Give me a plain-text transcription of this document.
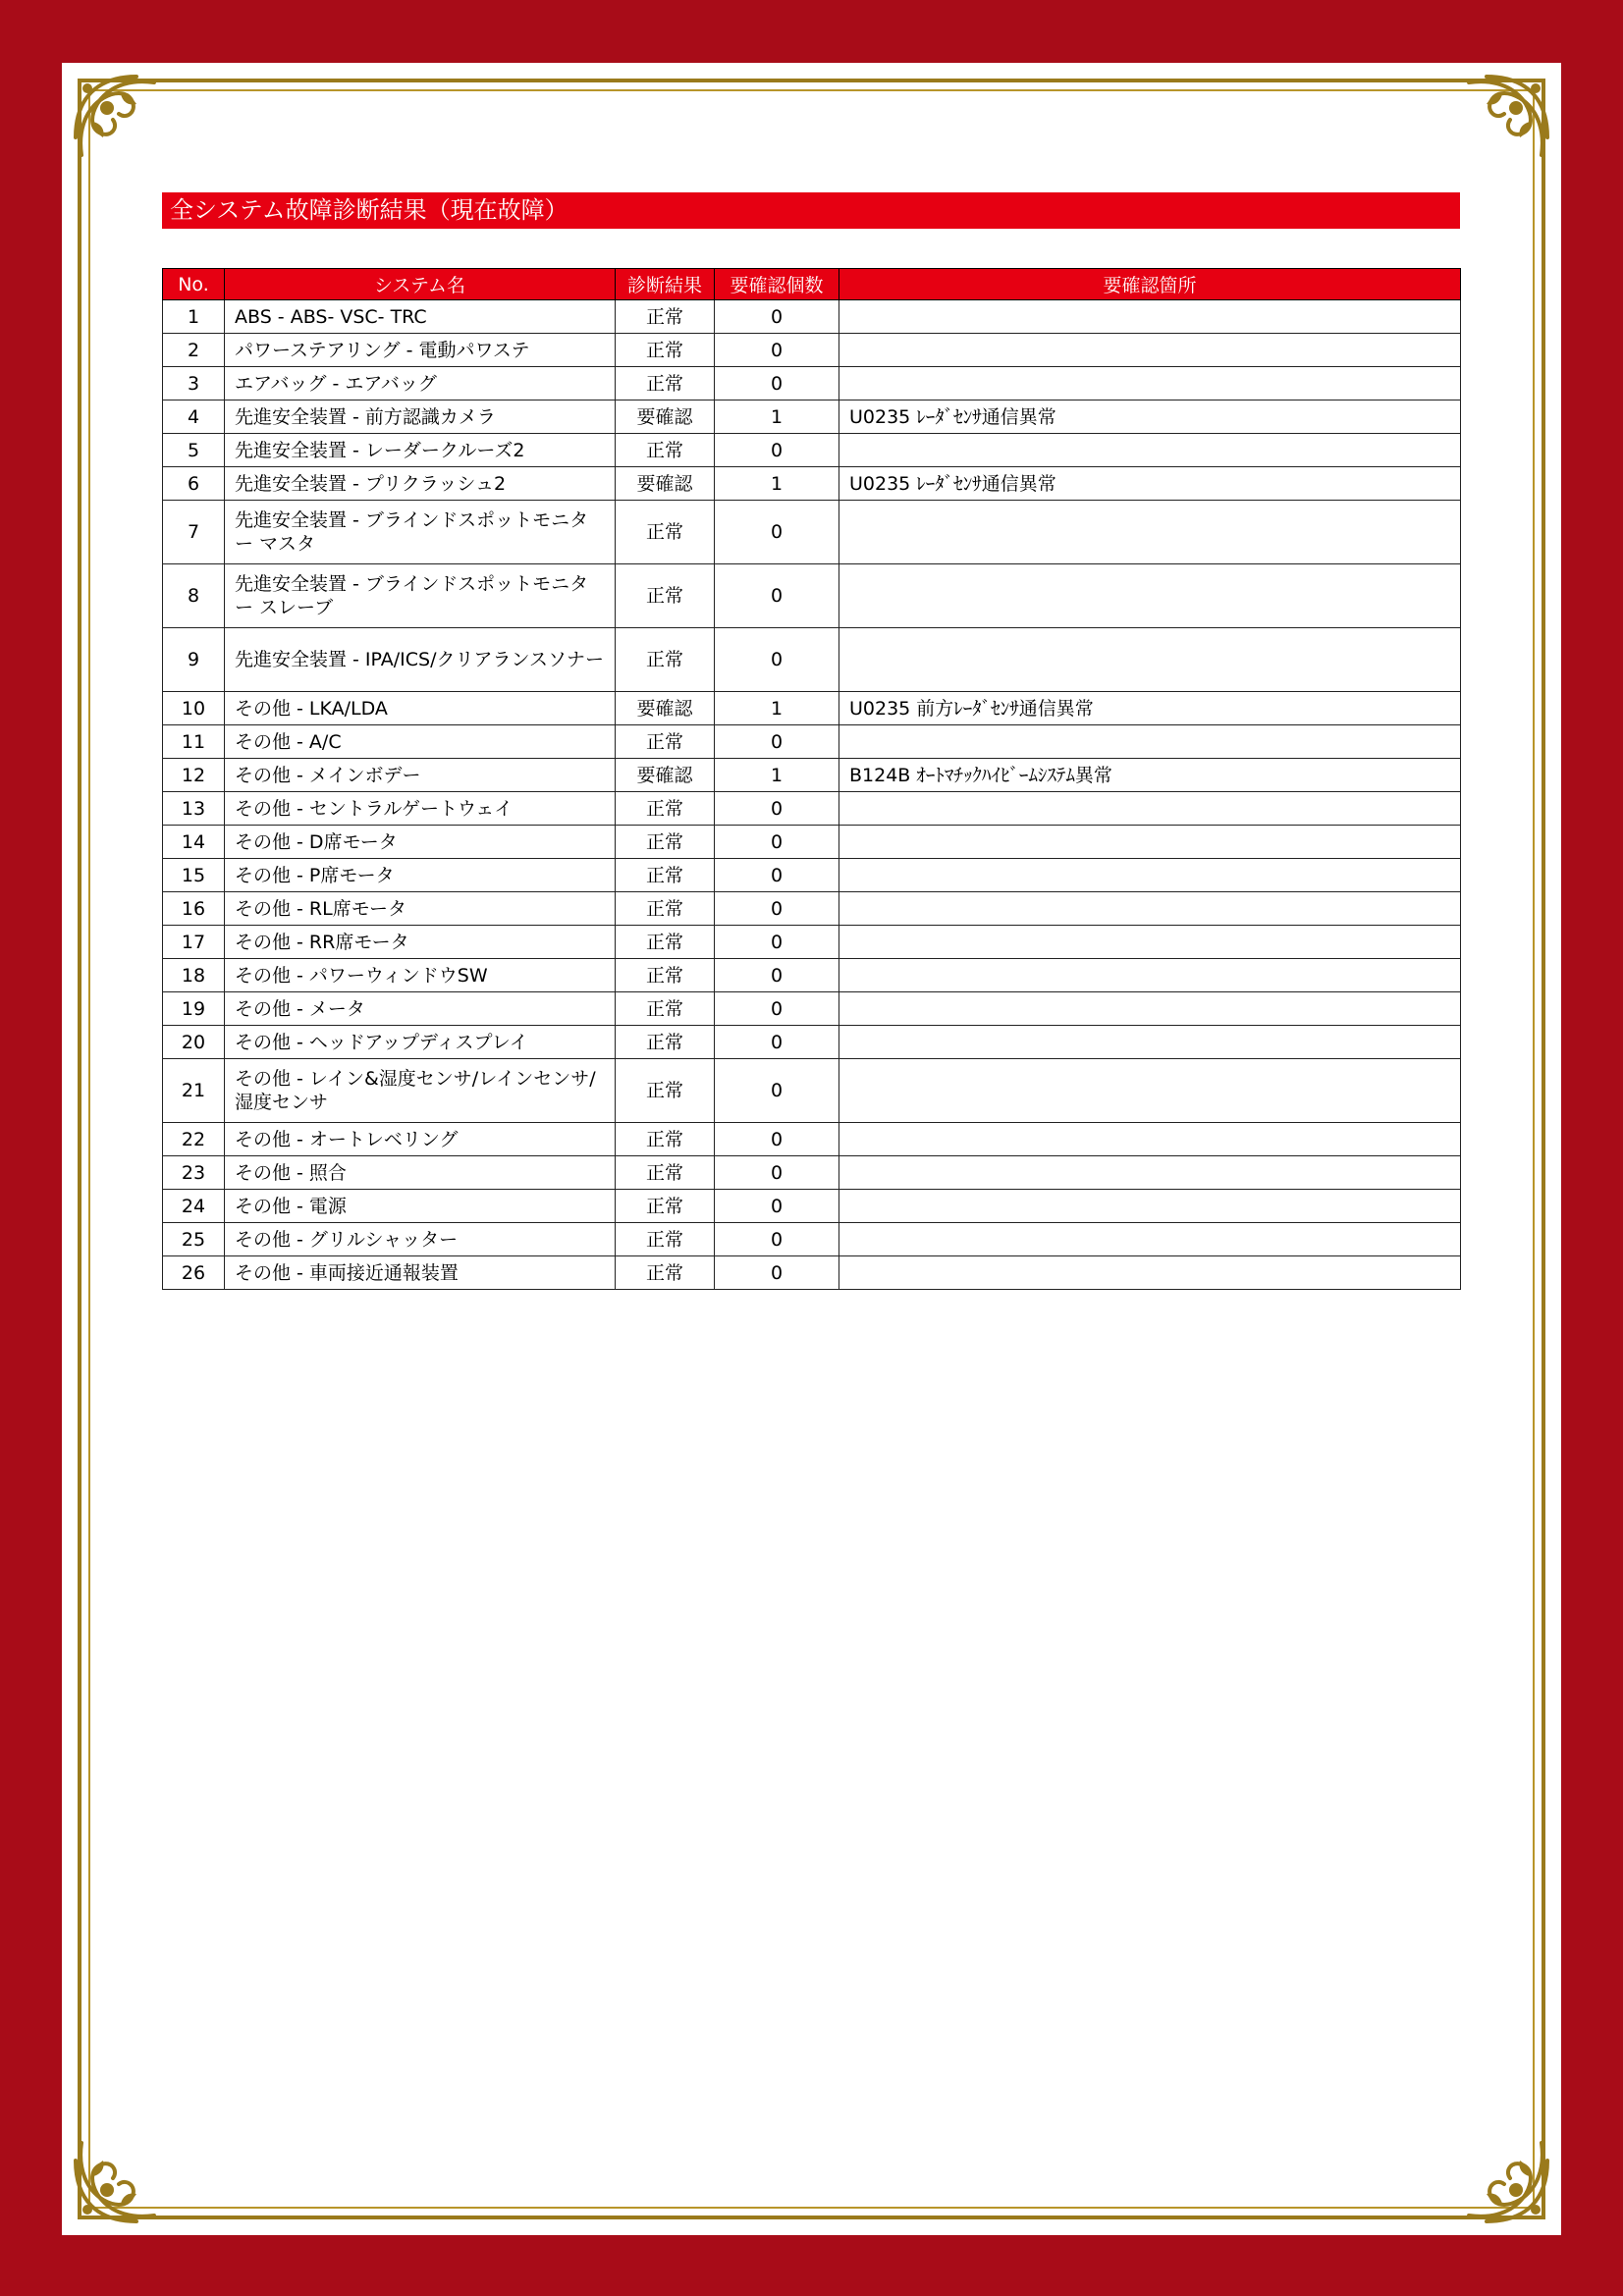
全システム故障診断結果（現在故障）
No.	システム名	診断結果	要確認個数	要確認箇所
1	ABS - ABS- VSC- TRC	正常	0	
2	パワーステアリング - 電動パワステ	正常	0	
3	エアバッグ - エアバッグ	正常	0	
4	先進安全装置 - 前方認識カメラ	要確認	1	U0235 ﾚｰﾀﾞｾﾝｻ通信異常
5	先進安全装置 - レーダークルーズ2	正常	0	
6	先進安全装置 - プリクラッシュ2	要確認	1	U0235 ﾚｰﾀﾞｾﾝｻ通信異常
7	先進安全装置 - ブラインドスポットモニター マスタ	正常	0	
8	先進安全装置 - ブラインドスポットモニター スレーブ	正常	0	
9	先進安全装置 - IPA/ICS/クリアランスソナー	正常	0	
10	その他 - LKA/LDA	要確認	1	U0235 前方ﾚｰﾀﾞｾﾝｻ通信異常
11	その他 - A/C	正常	0	
12	その他 - メインボデー	要確認	1	B124B ｵｰﾄﾏﾁｯｸﾊｲﾋﾞｰﾑｼｽﾃﾑ異常
13	その他 - セントラルゲートウェイ	正常	0	
14	その他 - D席モータ	正常	0	
15	その他 - P席モータ	正常	0	
16	その他 - RL席モータ	正常	0	
17	その他 - RR席モータ	正常	0	
18	その他 - パワーウィンドウSW	正常	0	
19	その他 - メータ	正常	0	
20	その他 - ヘッドアップディスプレイ	正常	0	
21	その他 - レイン&湿度センサ/レインセンサ/湿度センサ	正常	0	
22	その他 - オートレベリング	正常	0	
23	その他 - 照合	正常	0	
24	その他 - 電源	正常	0	
25	その他 - グリルシャッター	正常	0	
26	その他 - 車両接近通報装置	正常	0	
